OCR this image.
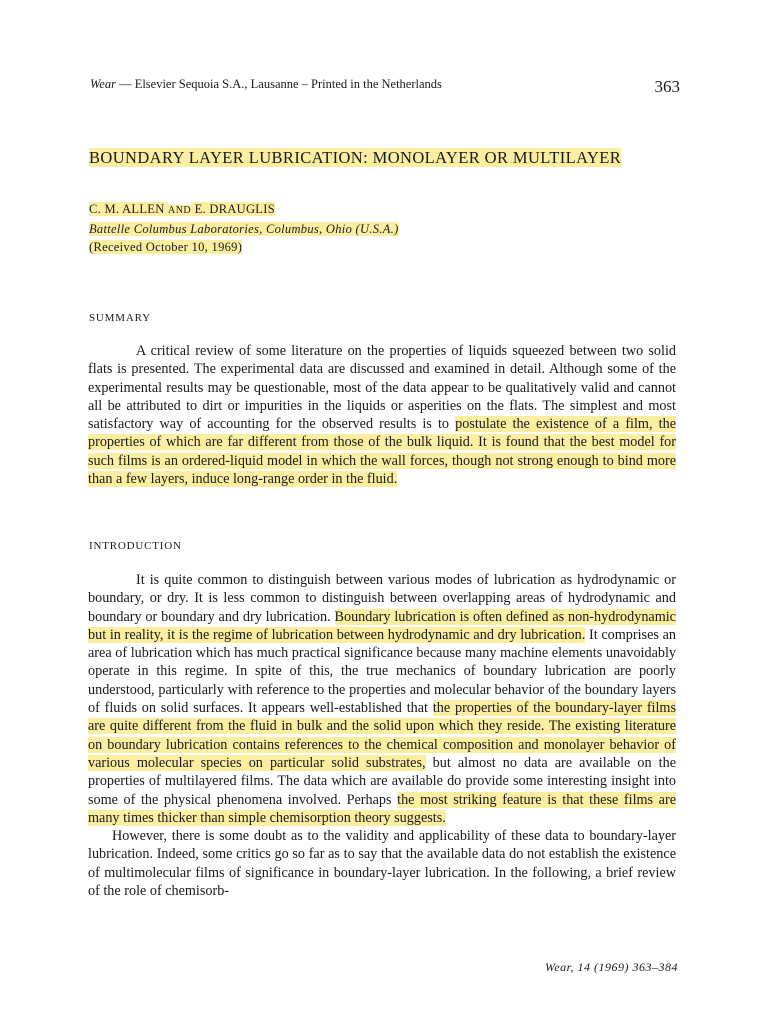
Wear — Elsevier Sequoia S.A., Lausanne – Printed in the Netherlands	363
BOUNDARY LAYER LUBRICATION: MONOLAYER OR MULTILAYER
C. M. ALLEN AND E. DRAUGLIS
Battelle Columbus Laboratories, Columbus, Ohio (U.S.A.)
(Received October 10, 1969)
SUMMARY

A critical review of some literature on the properties of liquids squeezed between two solid flats is presented. The experimental data are discussed and examined in detail. Although some of the experimental results may be questionable, most of the data appear to be qualitatively valid and cannot all be attributed to dirt or impurities in the liquids or asperities on the flats. The simplest and most satisfactory way of accounting for the observed results is to postulate the existence of a film, the properties of which are far different from those of the bulk liquid. It is found that the best model for such films is an ordered-liquid model in which the wall forces, though not strong enough to bind more than a few layers, induce long-range order in the fluid.

INTRODUCTION

It is quite common to distinguish between various modes of lubrication as hydrodynamic or boundary, or dry. It is less common to distinguish between overlapping areas of hydrodynamic and boundary or boundary and dry lubrication. Boundary lubrication is often defined as non-hydrodynamic but in reality, it is the regime of lubrication between hydrodynamic and dry lubrication. It comprises an area of lubrication which has much practical significance because many machine elements unavoidably operate in this regime. In spite of this, the true mechanics of boundary lubrication are poorly understood, particularly with reference to the properties and molecular behavior of the boundary layers of fluids on solid surfaces. It appears well-established that the properties of the boundary-layer films are quite different from the fluid in bulk and the solid upon which they reside. The existing literature on boundary lubrication contains references to the chemical composition and monolayer behavior of various molecular species on particular solid substrates, but almost no data are available on the properties of multilayered films. The data which are available do provide some interesting insight into some of the physical phenomena involved. Perhaps the most striking feature is that these films are many times thicker than simple chemisorption theory suggests.

However, there is some doubt as to the validity and applicability of these data to boundary-layer lubrication. Indeed, some critics go so far as to say that the available data do not establish the existence of multimolecular films of significance in boundary-layer lubrication. In the following, a brief review of the role of chemisorb-

Wear, 14 (1969) 363–384
